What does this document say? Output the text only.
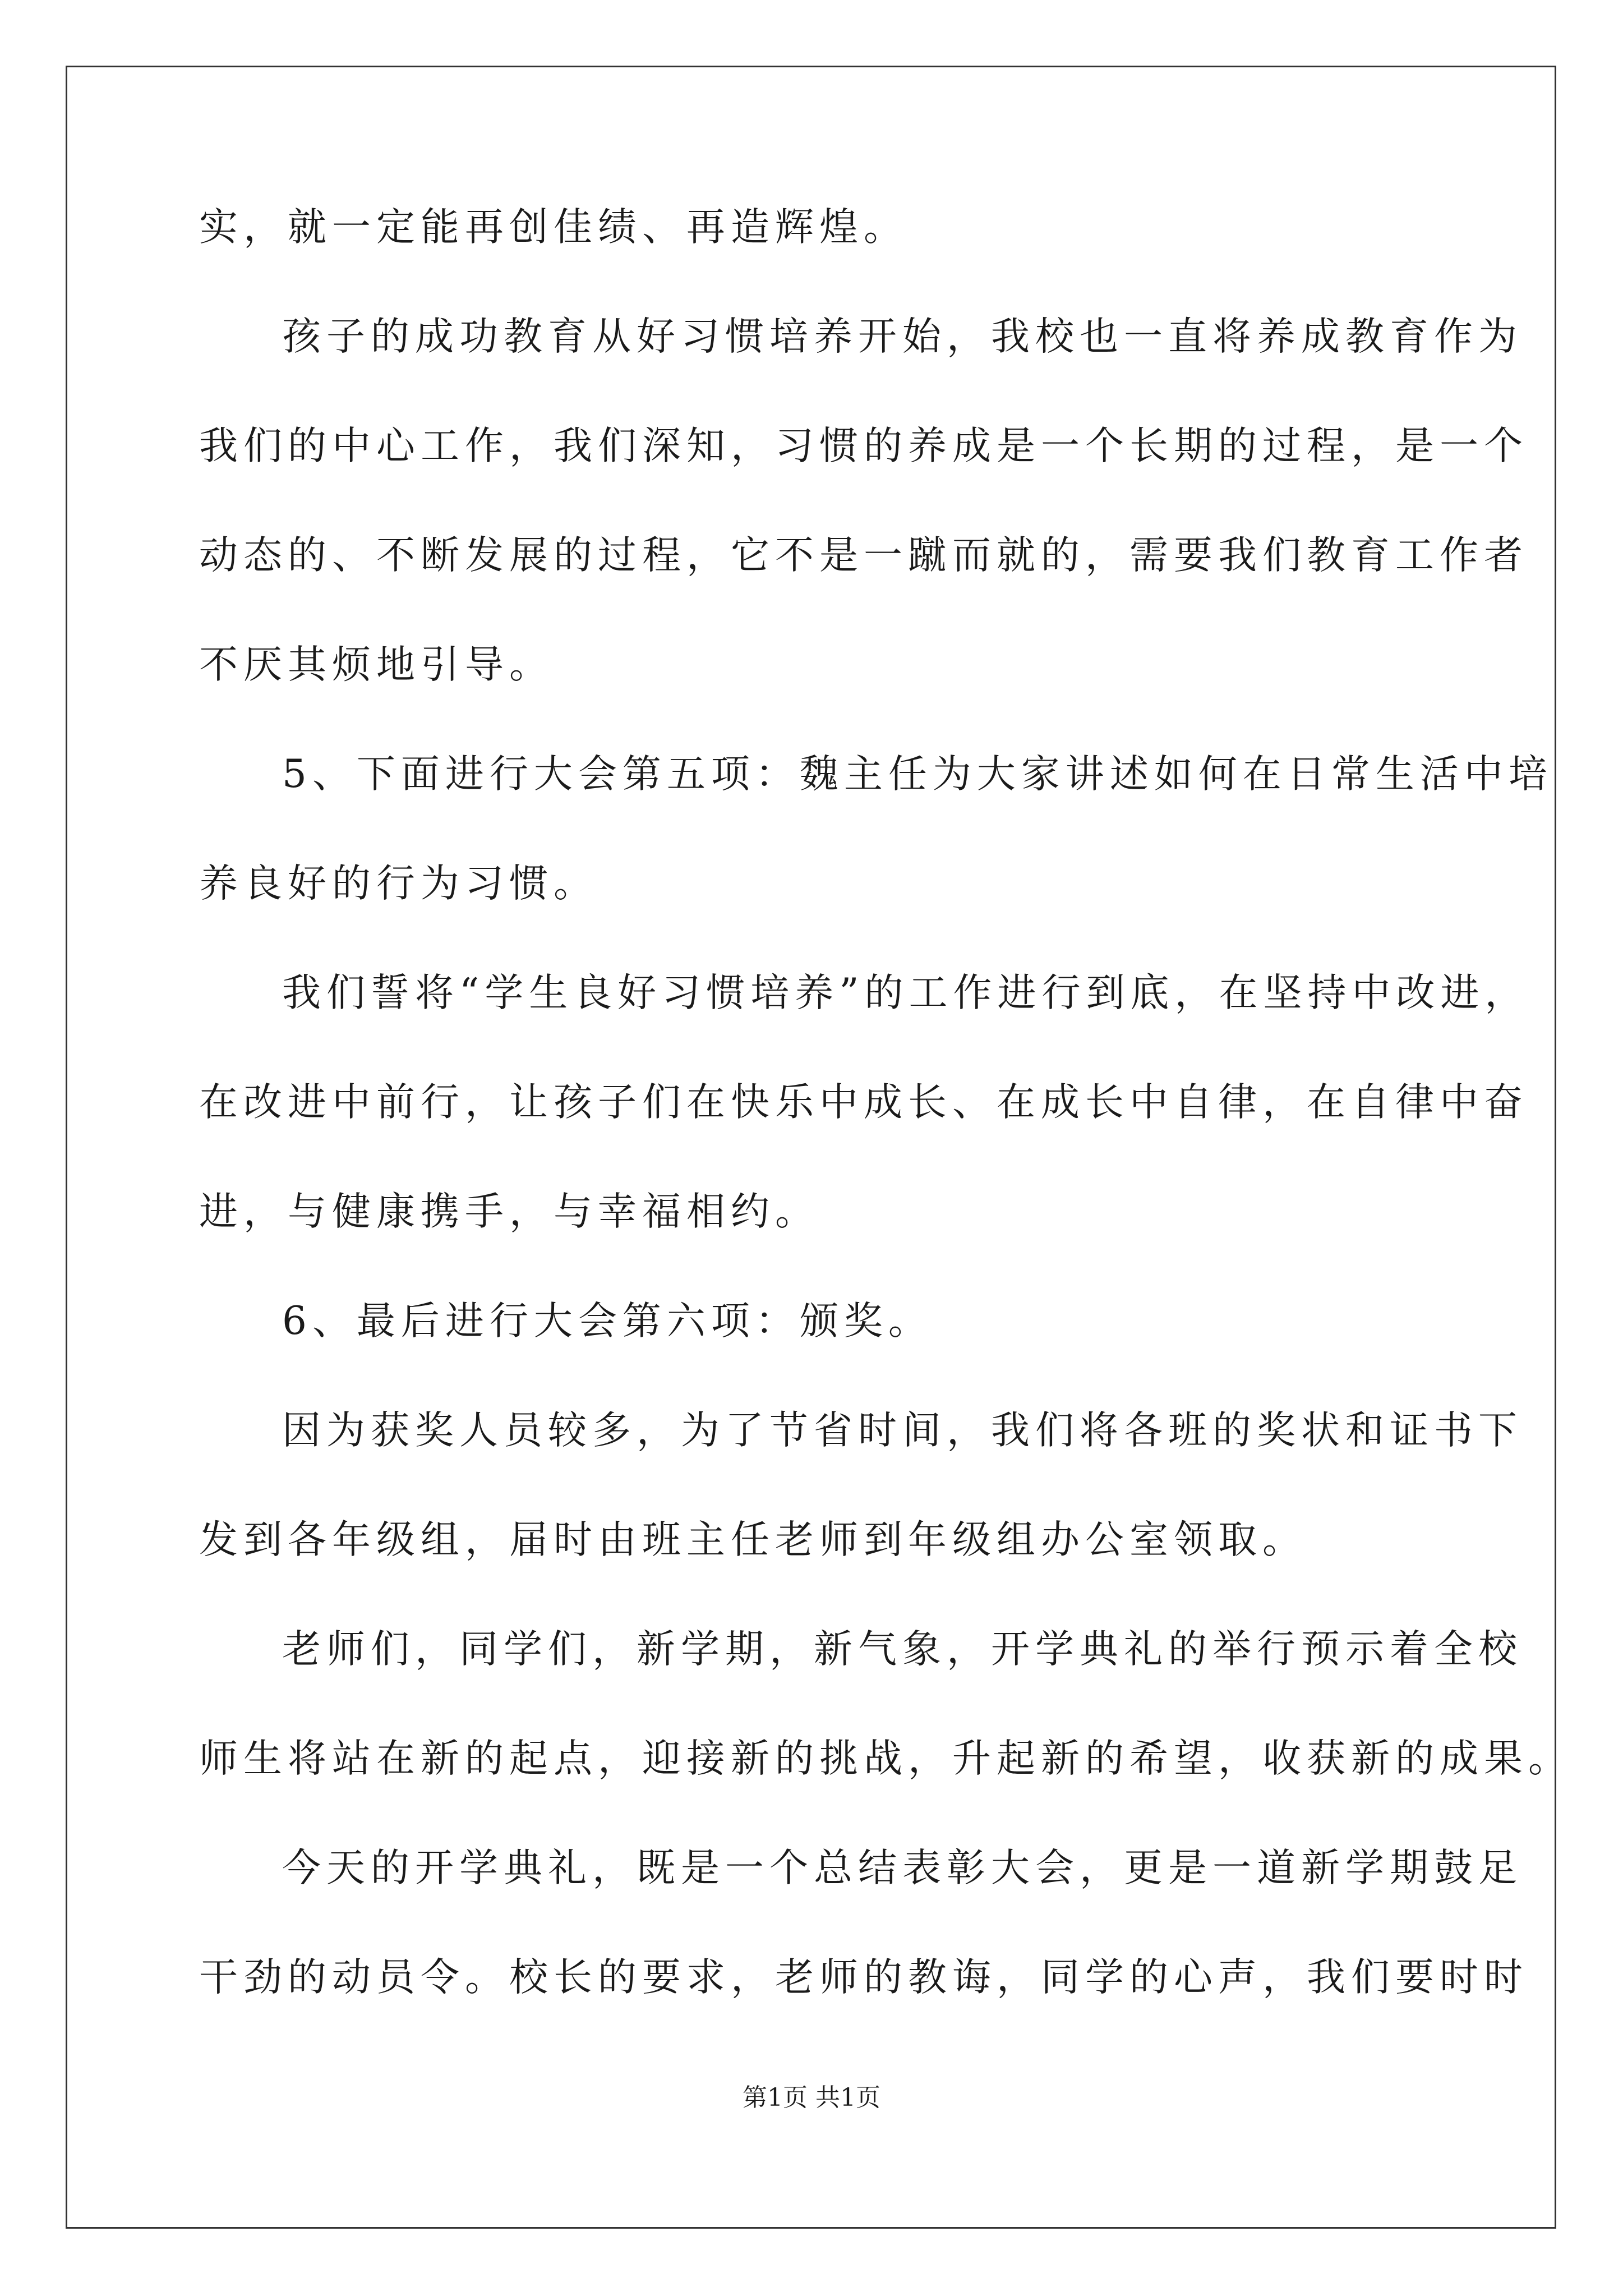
实，就一定能再创佳绩、再造辉煌。
孩子的成功教育从好习惯培养开始，我校也一直将养成教育作为
我们的中心工作，我们深知，习惯的养成是一个长期的过程，是一个
动态的、不断发展的过程，它不是一蹴而就的，需要我们教育工作者
不厌其烦地引导。
5、下面进行大会第五项：魏主任为大家讲述如何在日常生活中培
养良好的行为习惯。
我们誓将“学生良好习惯培养”的工作进行到底，在坚持中改进，
在改进中前行，让孩子们在快乐中成长、在成长中自律，在自律中奋
进，与健康携手，与幸福相约。
6、最后进行大会第六项：颁奖。
因为获奖人员较多，为了节省时间，我们将各班的奖状和证书下
发到各年级组，届时由班主任老师到年级组办公室领取。
老师们，同学们，新学期，新气象，开学典礼的举行预示着全校
师生将站在新的起点，迎接新的挑战，升起新的希望，收获新的成果。
今天的开学典礼，既是一个总结表彰大会，更是一道新学期鼓足
干劲的动员令。校长的要求，老师的教诲，同学的心声，我们要时时
第1页 共1页
